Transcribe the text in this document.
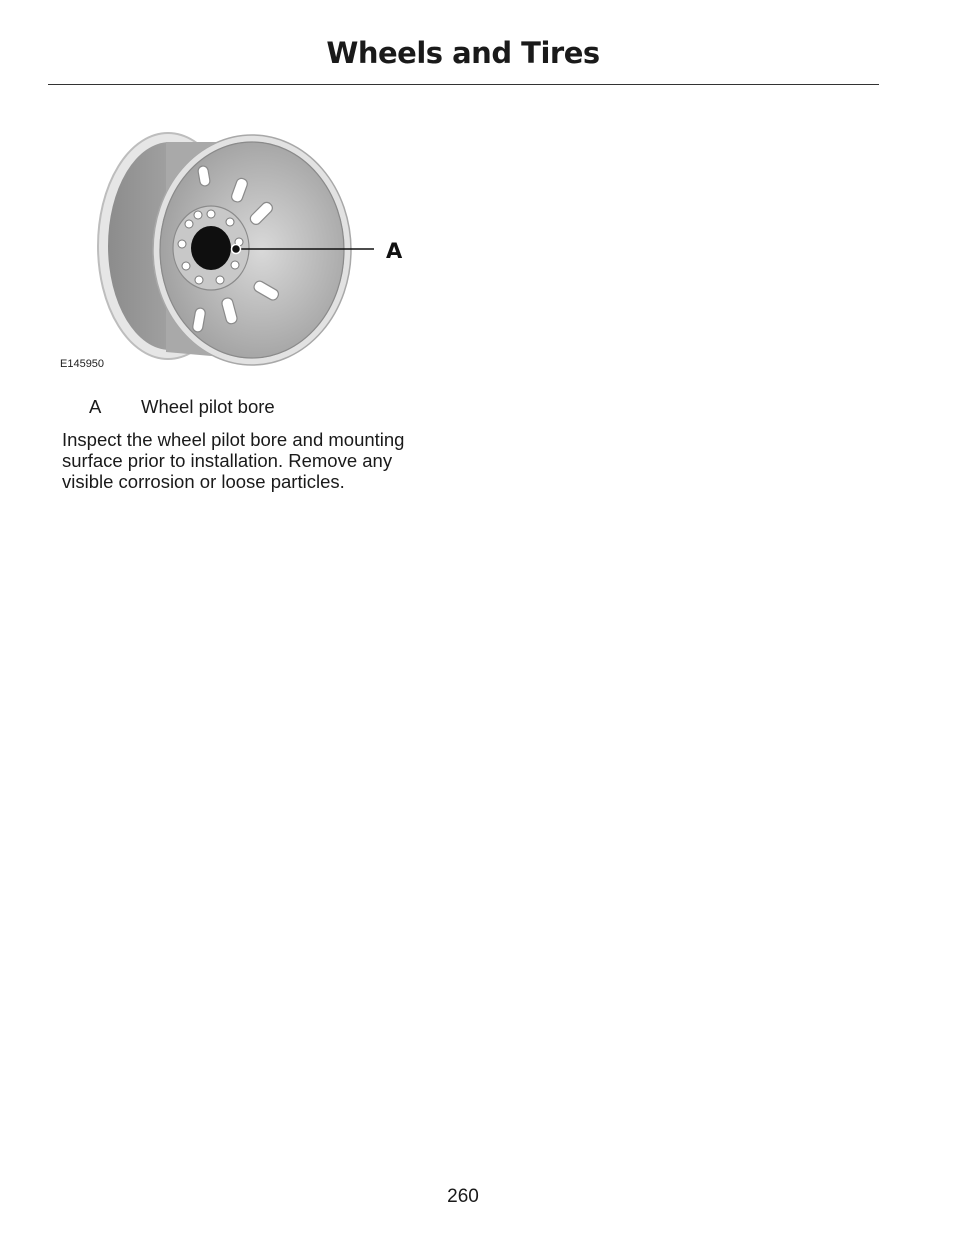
Wheels and Tires
A
E145950
A	Wheel pilot bore
Inspect the wheel pilot bore and mounting surface prior to installation. Remove any visible corrosion or loose particles.
260
